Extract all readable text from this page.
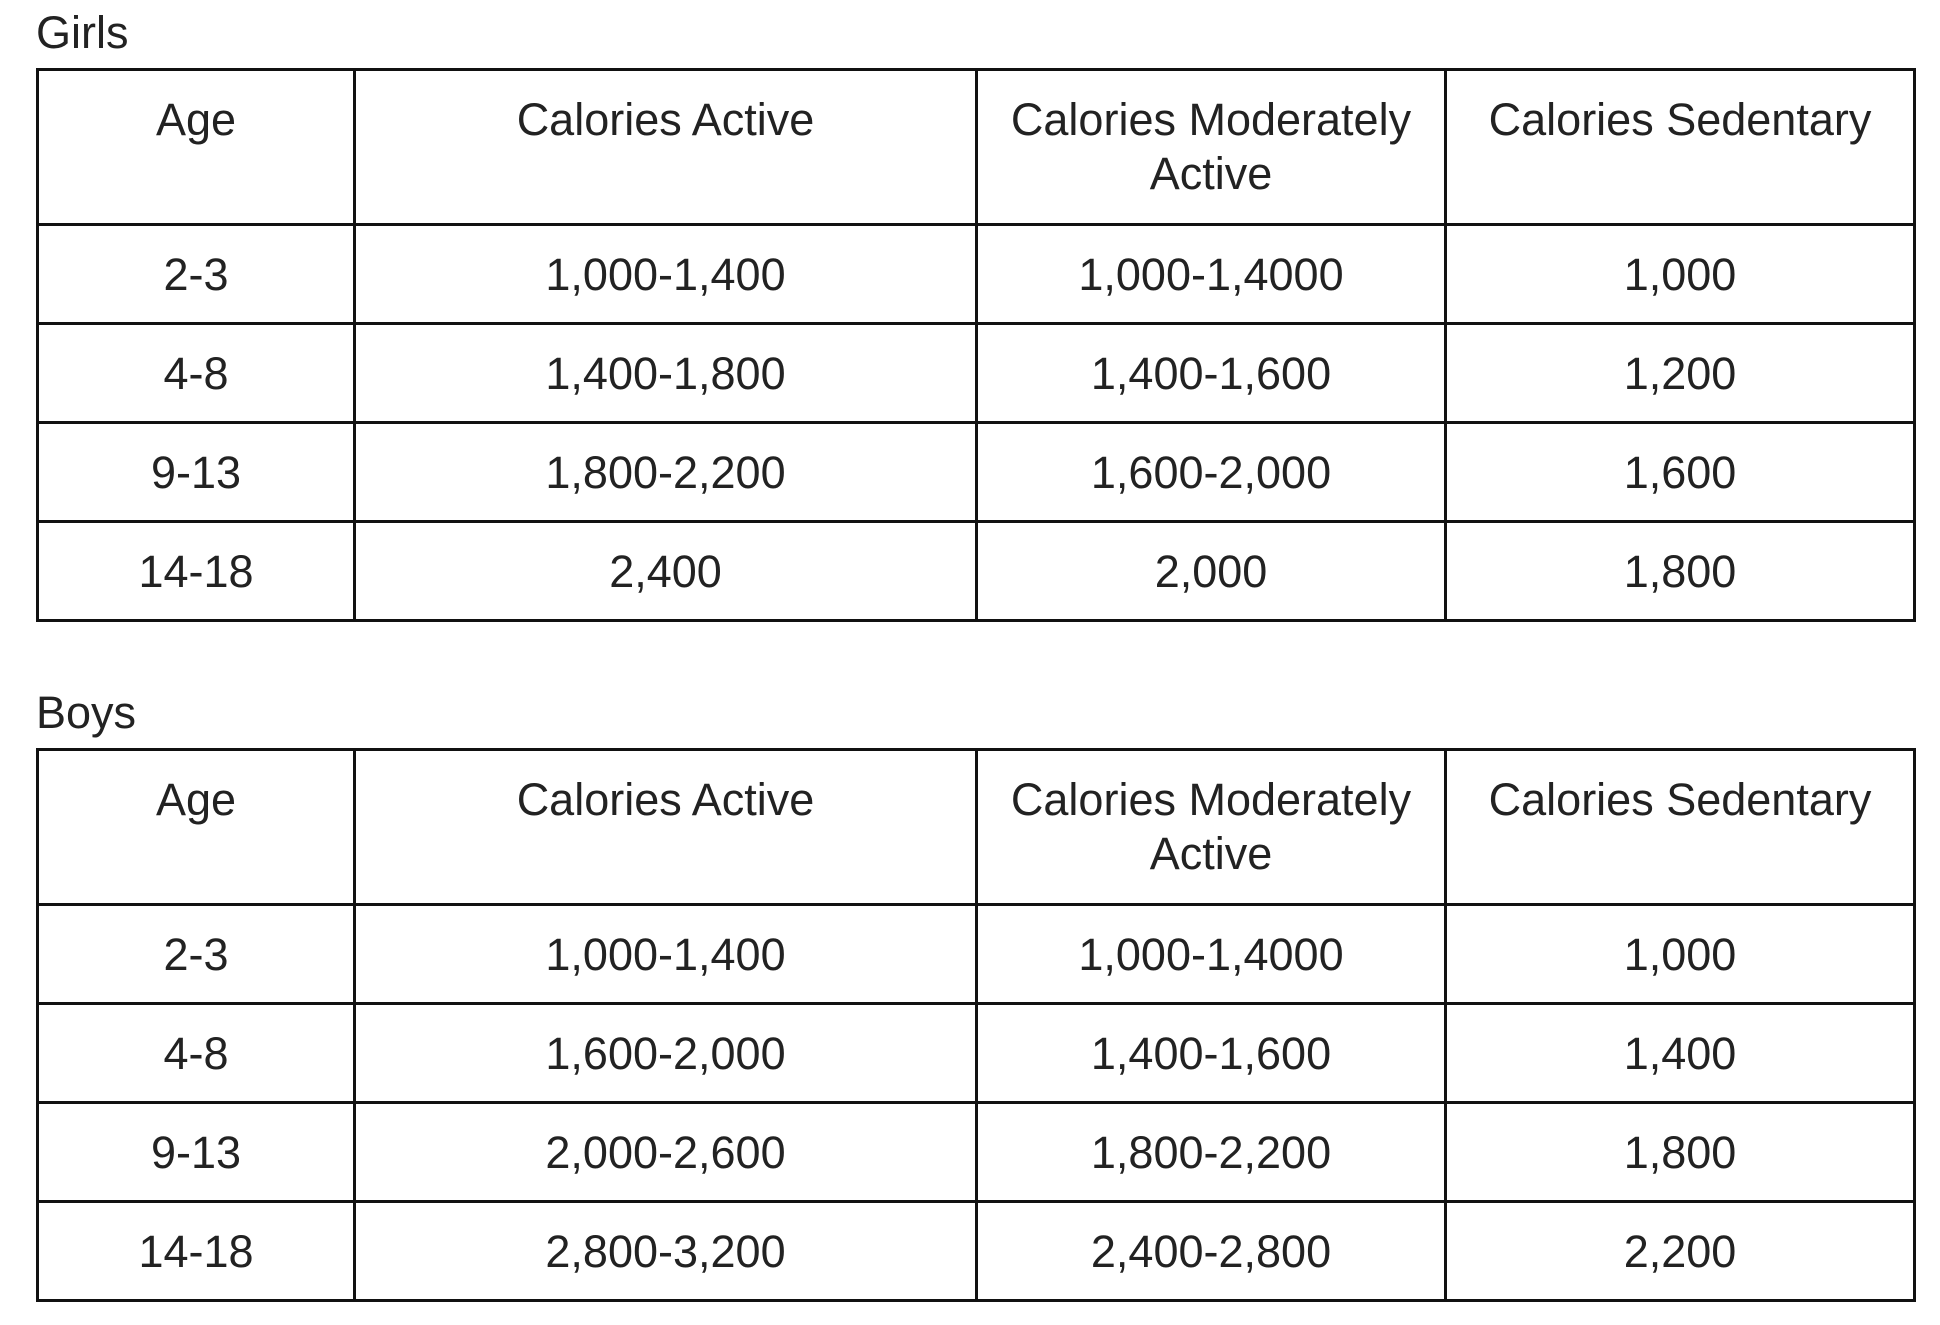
Girls
Age	Calories Active	Calories Moderately Active	Calories Sedentary
2-3	1,000-1,400	1,000-1,4000	1,000
4-8	1,400-1,800	1,400-1,600	1,200
9-13	1,800-2,200	1,600-2,000	1,600
14-18	2,400	2,000	1,800
Boys
Age	Calories Active	Calories Moderately Active	Calories Sedentary
2-3	1,000-1,400	1,000-1,4000	1,000
4-8	1,600-2,000	1,400-1,600	1,400
9-13	2,000-2,600	1,800-2,200	1,800
14-18	2,800-3,200	2,400-2,800	2,200
